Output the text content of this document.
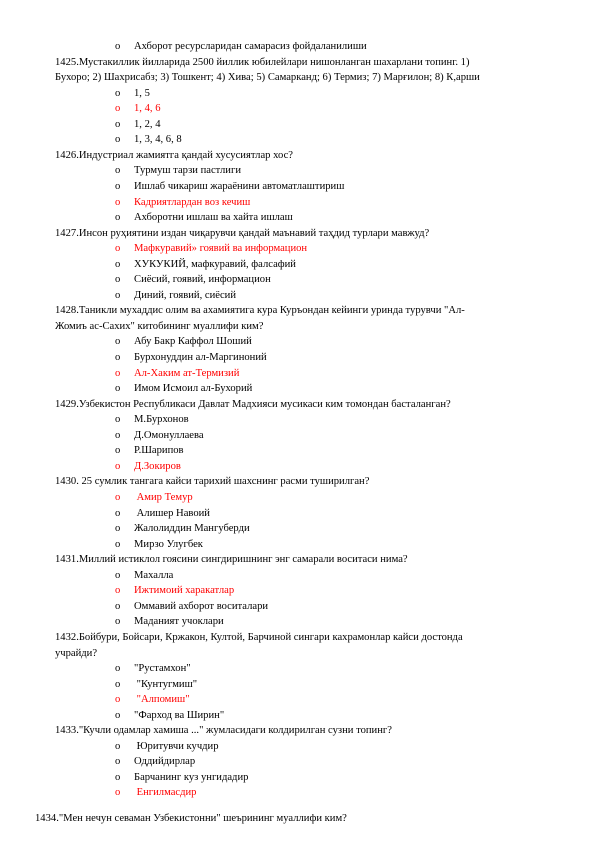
o Ахборот ресурсларидан самарасиз фойдаланилиши
1425.Мустакиллик йилларида 2500 йиллик юбилейлари нишонланган шахарлани топинг. 1)
Бухоро; 2) Шахрисабз; 3) Тошкент; 4) Хива; 5) Самарканд; 6) Термиз; 7) Марғилон; 8) К,арши
o 1, 5
o 1, 4, 6
o 1, 2, 4
o 1, 3, 4, 6, 8
1426.Индустриал жамиятга қандай хусусиятлар хос?
o Турмуш тарзи пастлиги
o Ишлаб чикариш жараёнини автоматлаштириш
o Кадриятлардан воз кечиш
o Ахборотни ишлаш ва хайта ишлаш
1427.Инсон руҳиятини издан чиқарувчи қандай маънавий таҳдид турлари мавжуд?
o Мафкуравий» гоявий ва информацион
o ХУКУКИЙ, мафкуравий, фалсафий
o Сиёсий, гоявий, информацион
o Диний, гоявий, сиёсий
1428.Таникли мухаддис олим ва ахамиятига кура Куръондан кейинги уринда турувчи "Ал-
Жомиъ ас-Сахих" китобининг муаллифи ким?
o Абу Бакр Каффол Шоший
o Бурхонуддин ал-Маргиноний
o Ал-Хаким ат-Термизий
o Имом Исмоил ал-Бухорий
1429.Узбекистон Республикаси Давлат Мадхияси мусикаси ким томондан басталанган?
o М.Бурхонов
o Д.Омонуллаева
o Р.Шарипов
o Д.Зокиров
1430. 25 сумлик тангага кайси тарихий шахснинг расми туширилган?
o Амир Темур
o Алишер Навоий
o Жалолиддин Мангуберди
o Мирзо Улугбек
1431.Миллий истиклол гоясини сингдиришнинг энг самарали воситаси нима?
o Махалла
o Ижтимоий харакатлар
o Оммавий ахборот воситалари
o Маданият учоклари
1432.Бойбури, Бойсари, Кржакон, Култой, Барчиной сингари кахрамонлар кайси достонда
учрайди?
o "Рустамхон"
o "Кунтугмиш"
o "Алпомиш"
o "Фарход ва Ширин"
1433."Кучли одамлар хамиша ..." жумласидаги колдирилган сузни топинг?
o Юритувчи кучдир
o Оддийдирлар
o Барчанинг куз унгидадир
o Енгилмасдир
1434."Мен нечун севаман Узбекистонни" шеърининг муаллифи ким?
